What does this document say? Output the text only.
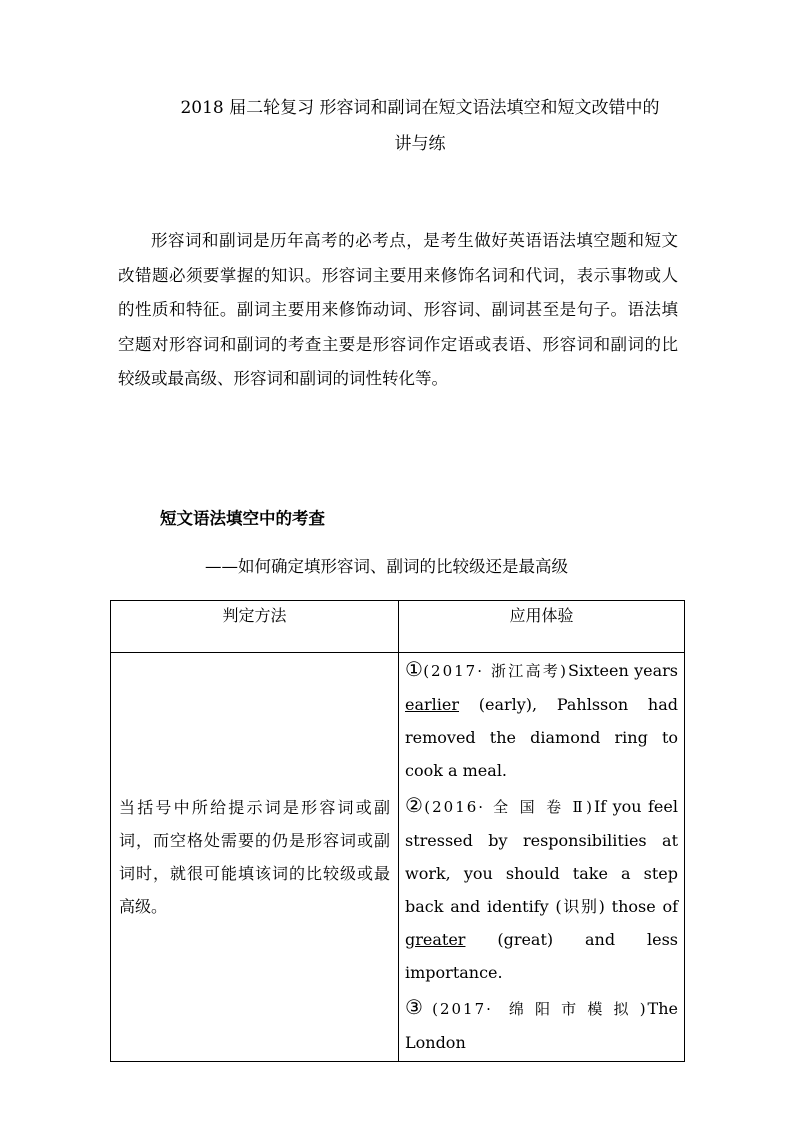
2018 届二轮复习 形容词和副词在短文语法填空和短文改错中的
讲与练

形容词和副词是历年高考的必考点，是考生做好英语语法填空题和短文改错题必须要掌握的知识。形容词主要用来修饰名词和代词，表示事物或人的性质和特征。副词主要用来修饰动词、形容词、副词甚至是句子。语法填空题对形容词和副词的考查主要是形容词作定语或表语、形容词和副词的比较级或最高级、形容词和副词的词性转化等。

短文语法填空中的考查
——如何确定填形容词、副词的比较级还是最高级
判定方法	应用体验
当括号中所给提示词是形容词或副词，而空格处需要的仍是形容词或副词时，就很可能填该词的比较级或最高级。	①(2017· 浙江高考)Sixteen years earlier (early), Pahlsson had removed the diamond ring to cook a meal.

②(2016· 全 国 卷 Ⅱ)If you feel stressed by responsibilities at work, you should take a step back and identify (识别) those of greater (great) and less importance.

③(2017· 绵阳市模拟)The London
